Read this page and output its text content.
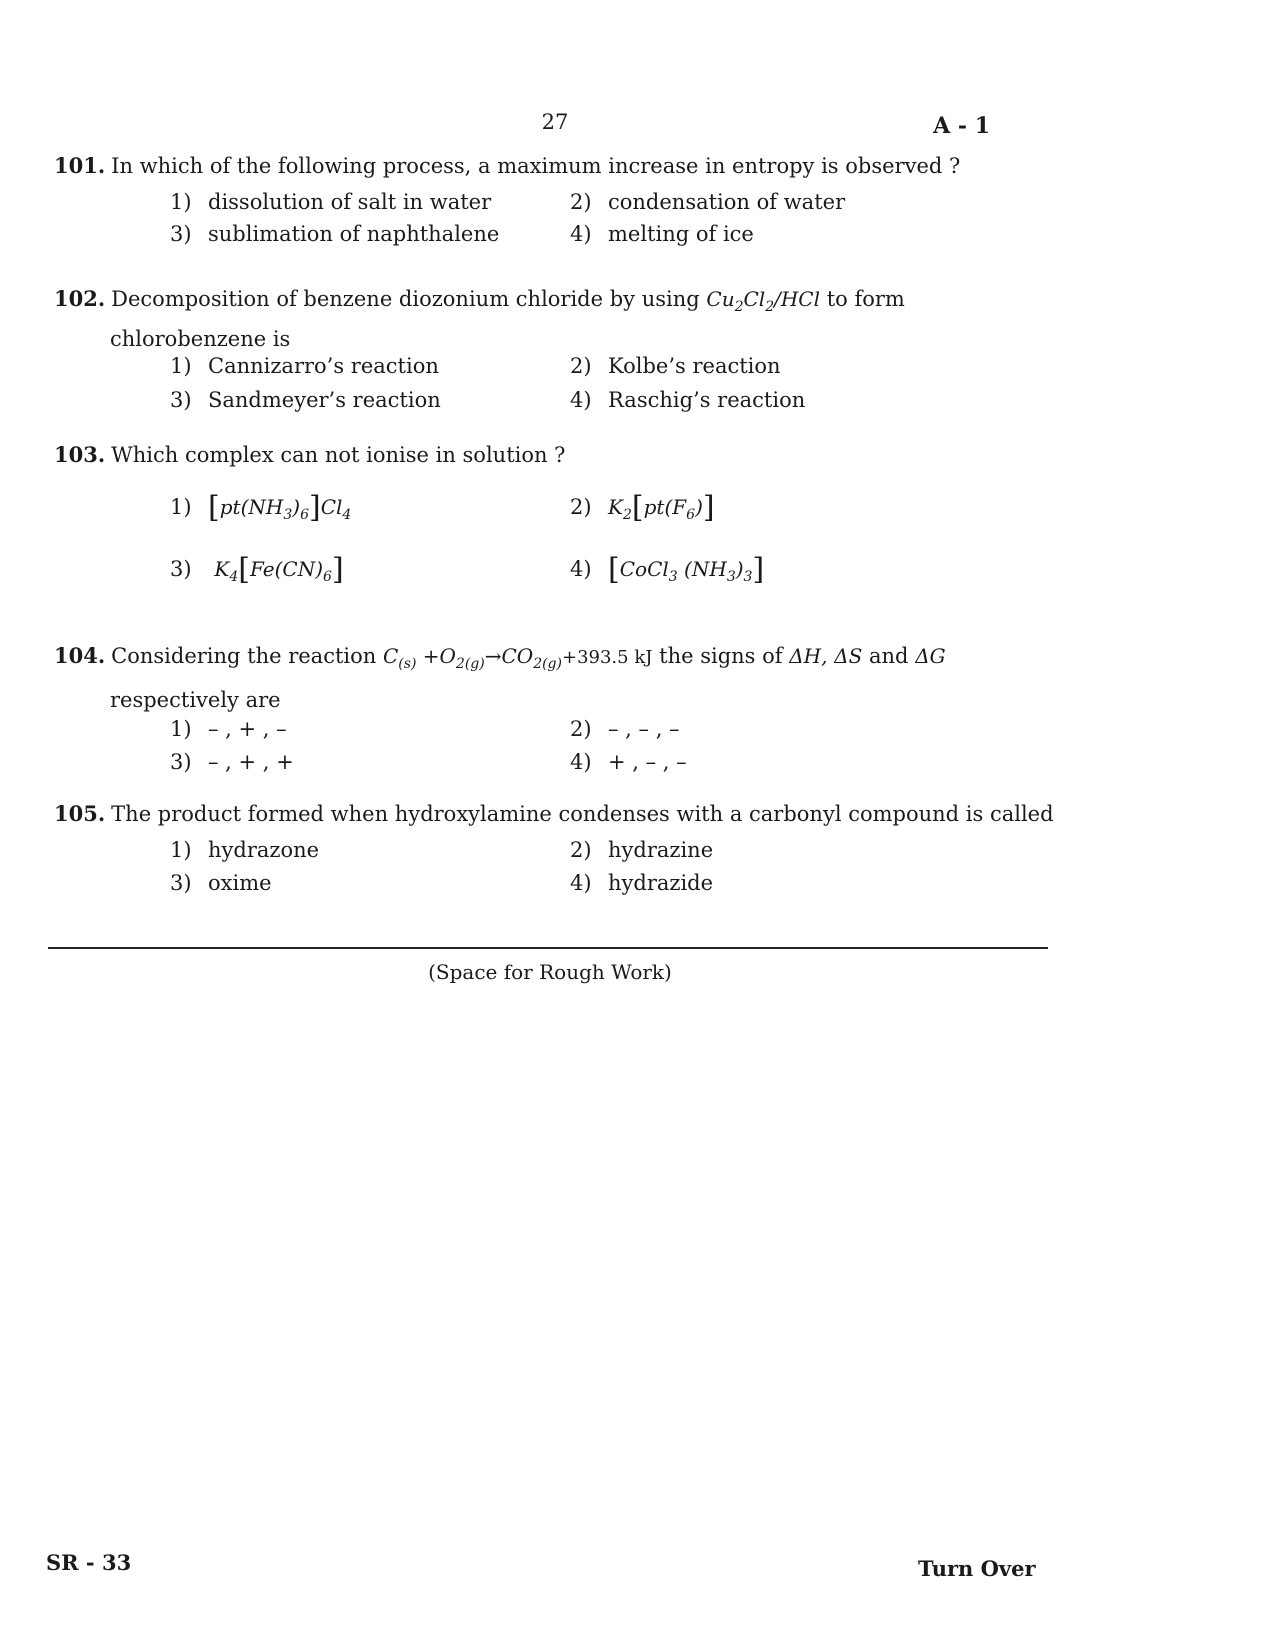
27	A - 1
101. In which of the following process, a maximum increase in entropy is observed ?
1) dissolution of salt in water	2) condensation of water
3) sublimation of naphthalene	4) melting of ice
102. Decomposition of benzene diozonium chloride by using $Cu_2Cl_2$/HCl to form
chlorobenzene is
1) Cannizarro’s reaction	2) Kolbe’s reaction
3) Sandmeyer’s reaction	4) Raschig’s reaction
103. Which complex can not ionise in solution ?
1) $[pt(NH_3)_6]Cl_4$	2) $K_2[pt(F_6)]$
3) $K_4[Fe(CN)_6]$	4) [CoCl$_3$ $(NH_3)_3$]
104. Considering the reaction $C_{(s)} +O_{2(g)}\to CO_{2(g)}+393.5$ kJ the signs of ΔH, ΔS and ΔG
respectively are
1) – , + , –	2) – , – , –
3) – , + , +	4) + , – , –
105. The product formed when hydroxylamine condenses with a carbonyl compound is called
1) hydrazone	2) hydrazine
3) oxime	4) hydrazide
(Space for Rough Work)
SR - 33	Turn Over
